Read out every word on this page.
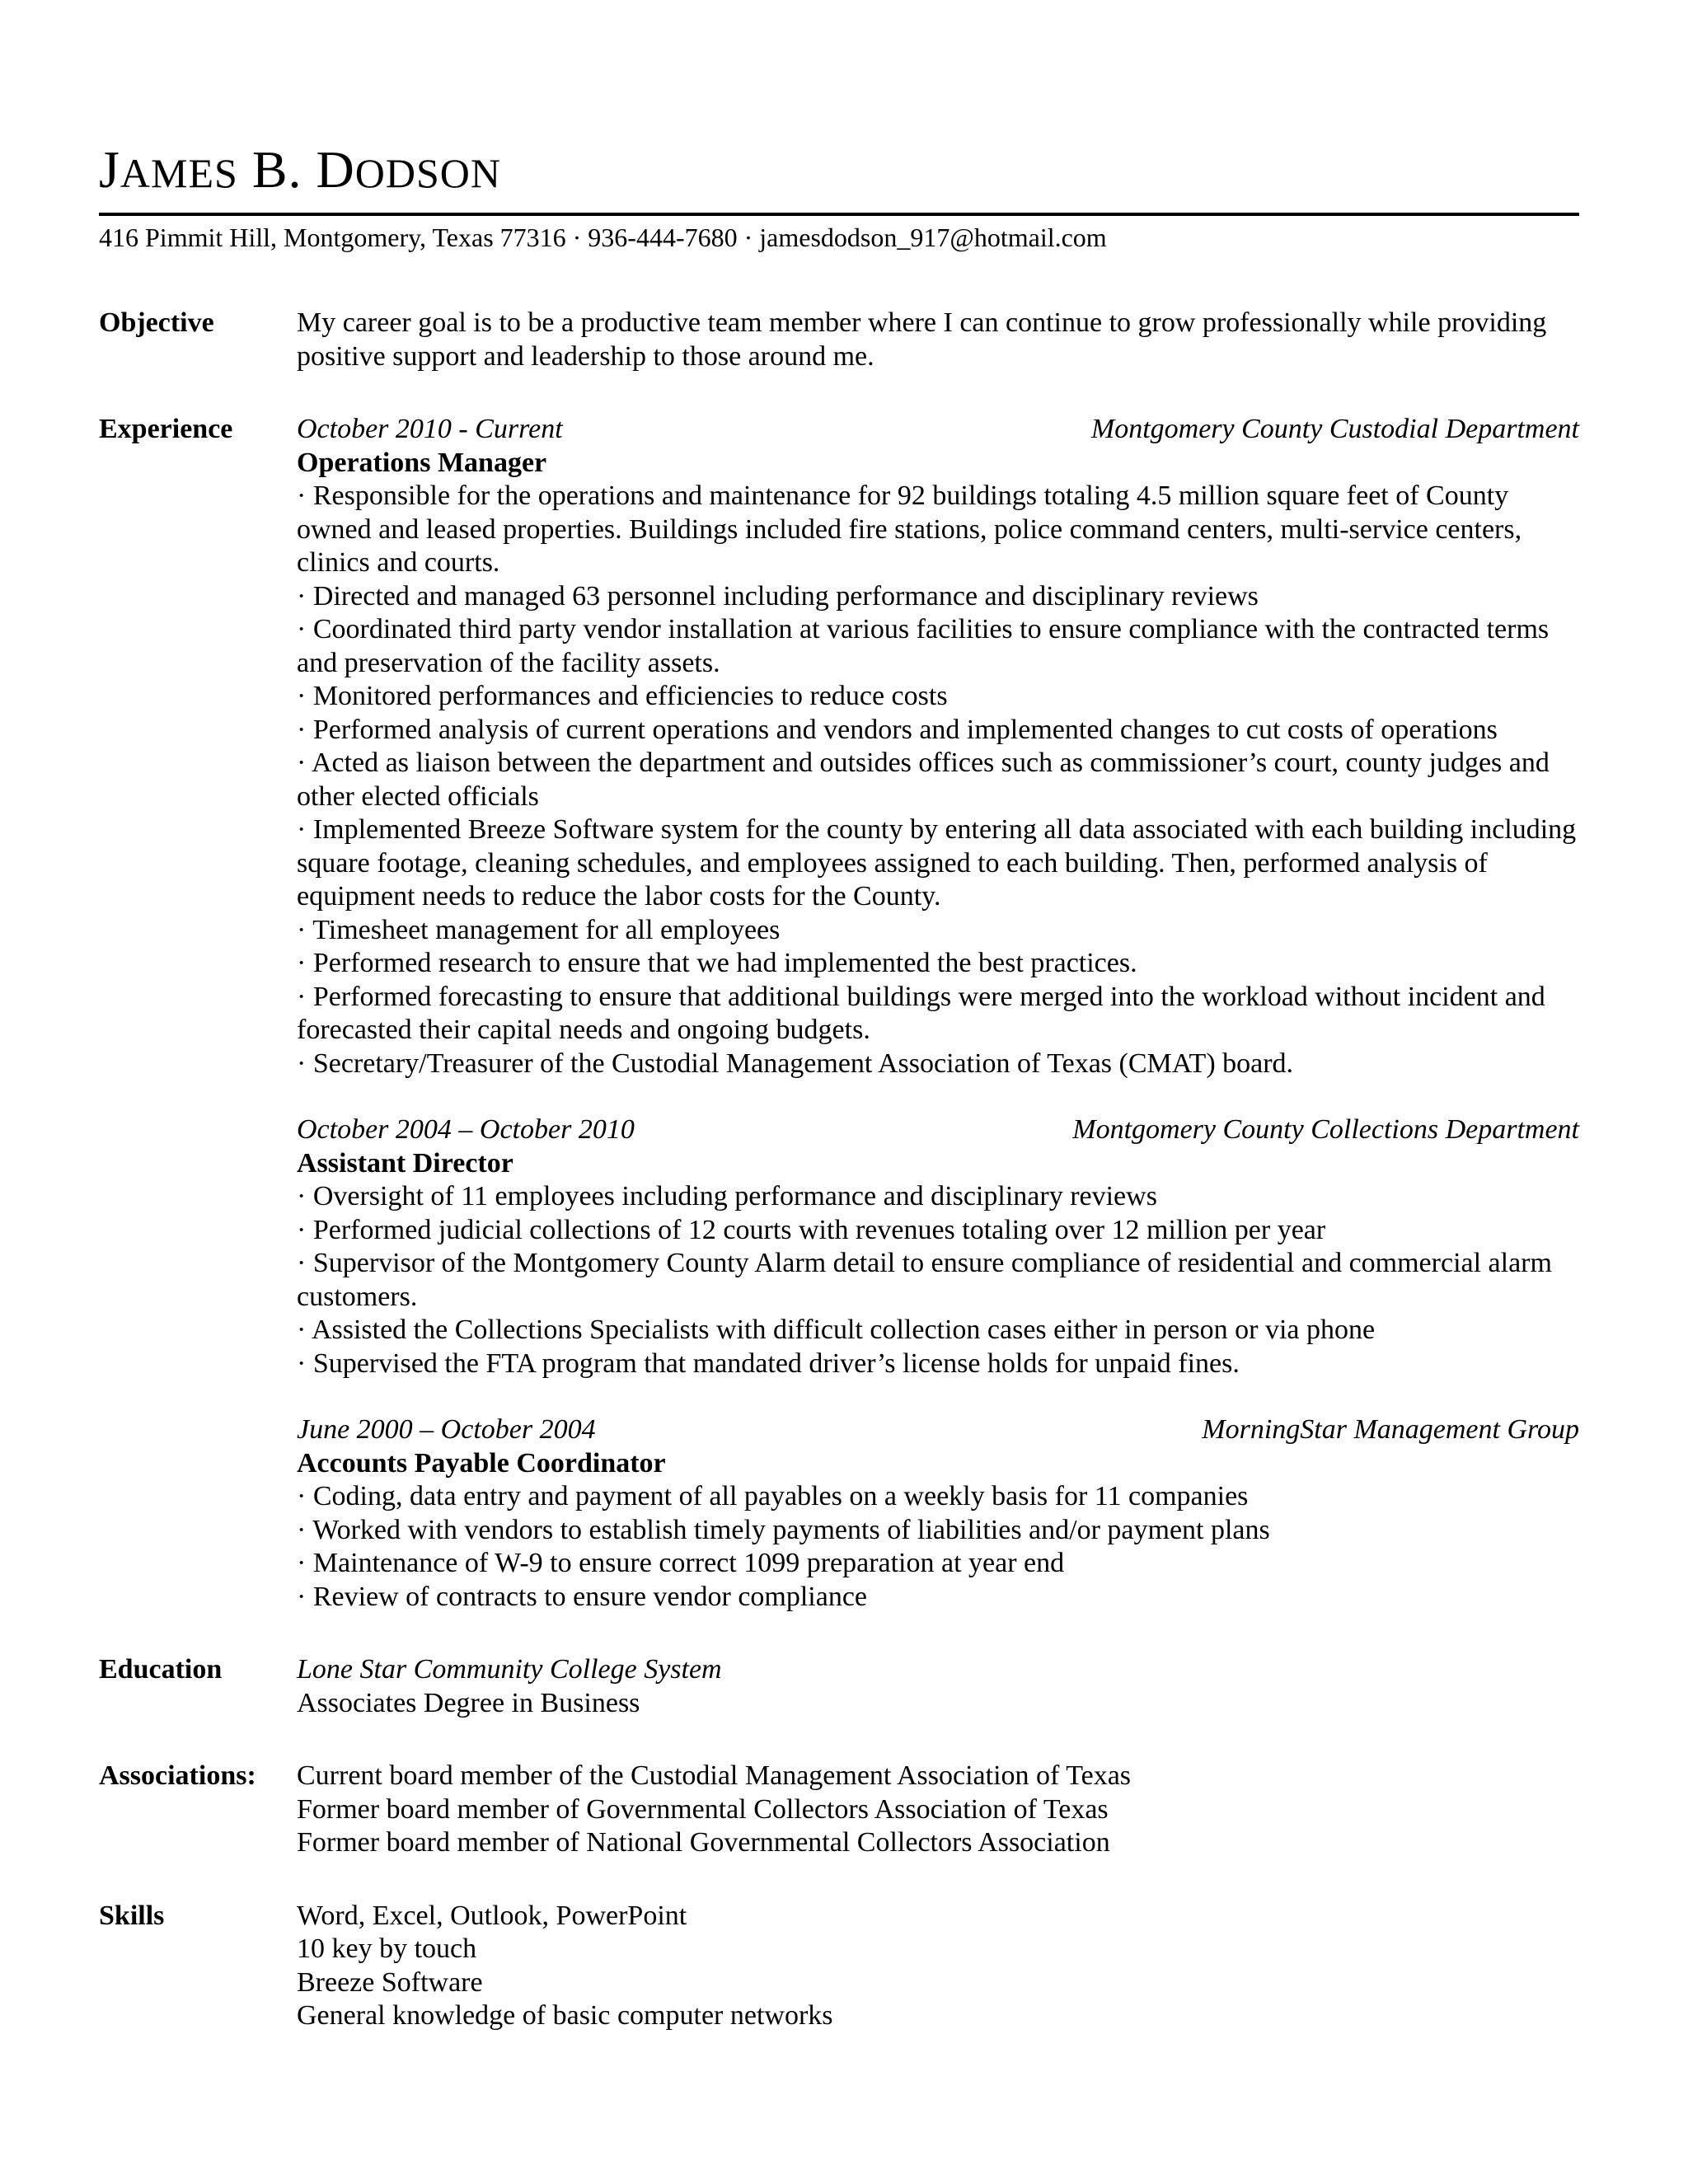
JAMES B. DODSON
416 Pimmit Hill, Montgomery, Texas 77316 · 936-444-7680 · jamesdodson_917@hotmail.com
Objective	My career goal is to be a productive team member where I can continue to grow professionally while providing positive support and leadership to those around me.
Experience	October 2010 - Current	Montgomery County Custodial Department
Operations Manager
· Responsible for the operations and maintenance for 92 buildings totaling 4.5 million square feet of County owned and leased properties. Buildings included fire stations, police command centers, multi-service centers, clinics and courts.
· Directed and managed 63 personnel including performance and disciplinary reviews
· Coordinated third party vendor installation at various facilities to ensure compliance with the contracted terms and preservation of the facility assets.
· Monitored performances and efficiencies to reduce costs
· Performed analysis of current operations and vendors and implemented changes to cut costs of operations
· Acted as liaison between the department and outsides offices such as commissioner’s court, county judges and other elected officials
· Implemented Breeze Software system for the county by entering all data associated with each building including square footage, cleaning schedules, and employees assigned to each building. Then, performed analysis of equipment needs to reduce the labor costs for the County.
· Timesheet management for all employees
· Performed research to ensure that we had implemented the best practices.
· Performed forecasting to ensure that additional buildings were merged into the workload without incident and forecasted their capital needs and ongoing budgets.
· Secretary/Treasurer of the Custodial Management Association of Texas (CMAT) board.
October 2004 – October 2010	Montgomery County Collections Department
Assistant Director
· Oversight of 11 employees including performance and disciplinary reviews
· Performed judicial collections of 12 courts with revenues totaling over 12 million per year
· Supervisor of the Montgomery County Alarm detail to ensure compliance of residential and commercial alarm customers.
· Assisted the Collections Specialists with difficult collection cases either in person or via phone
· Supervised the FTA program that mandated driver’s license holds for unpaid fines.
June 2000 – October 2004	MorningStar Management Group
Accounts Payable Coordinator
· Coding, data entry and payment of all payables on a weekly basis for 11 companies
· Worked with vendors to establish timely payments of liabilities and/or payment plans
· Maintenance of W-9 to ensure correct 1099 preparation at year end
· Review of contracts to ensure vendor compliance
Education	Lone Star Community College System
Associates Degree in Business
Associations:	Current board member of the Custodial Management Association of Texas
Former board member of Governmental Collectors Association of Texas
Former board member of National Governmental Collectors Association
Skills	Word, Excel, Outlook, PowerPoint
10 key by touch
Breeze Software
General knowledge of basic computer networks
